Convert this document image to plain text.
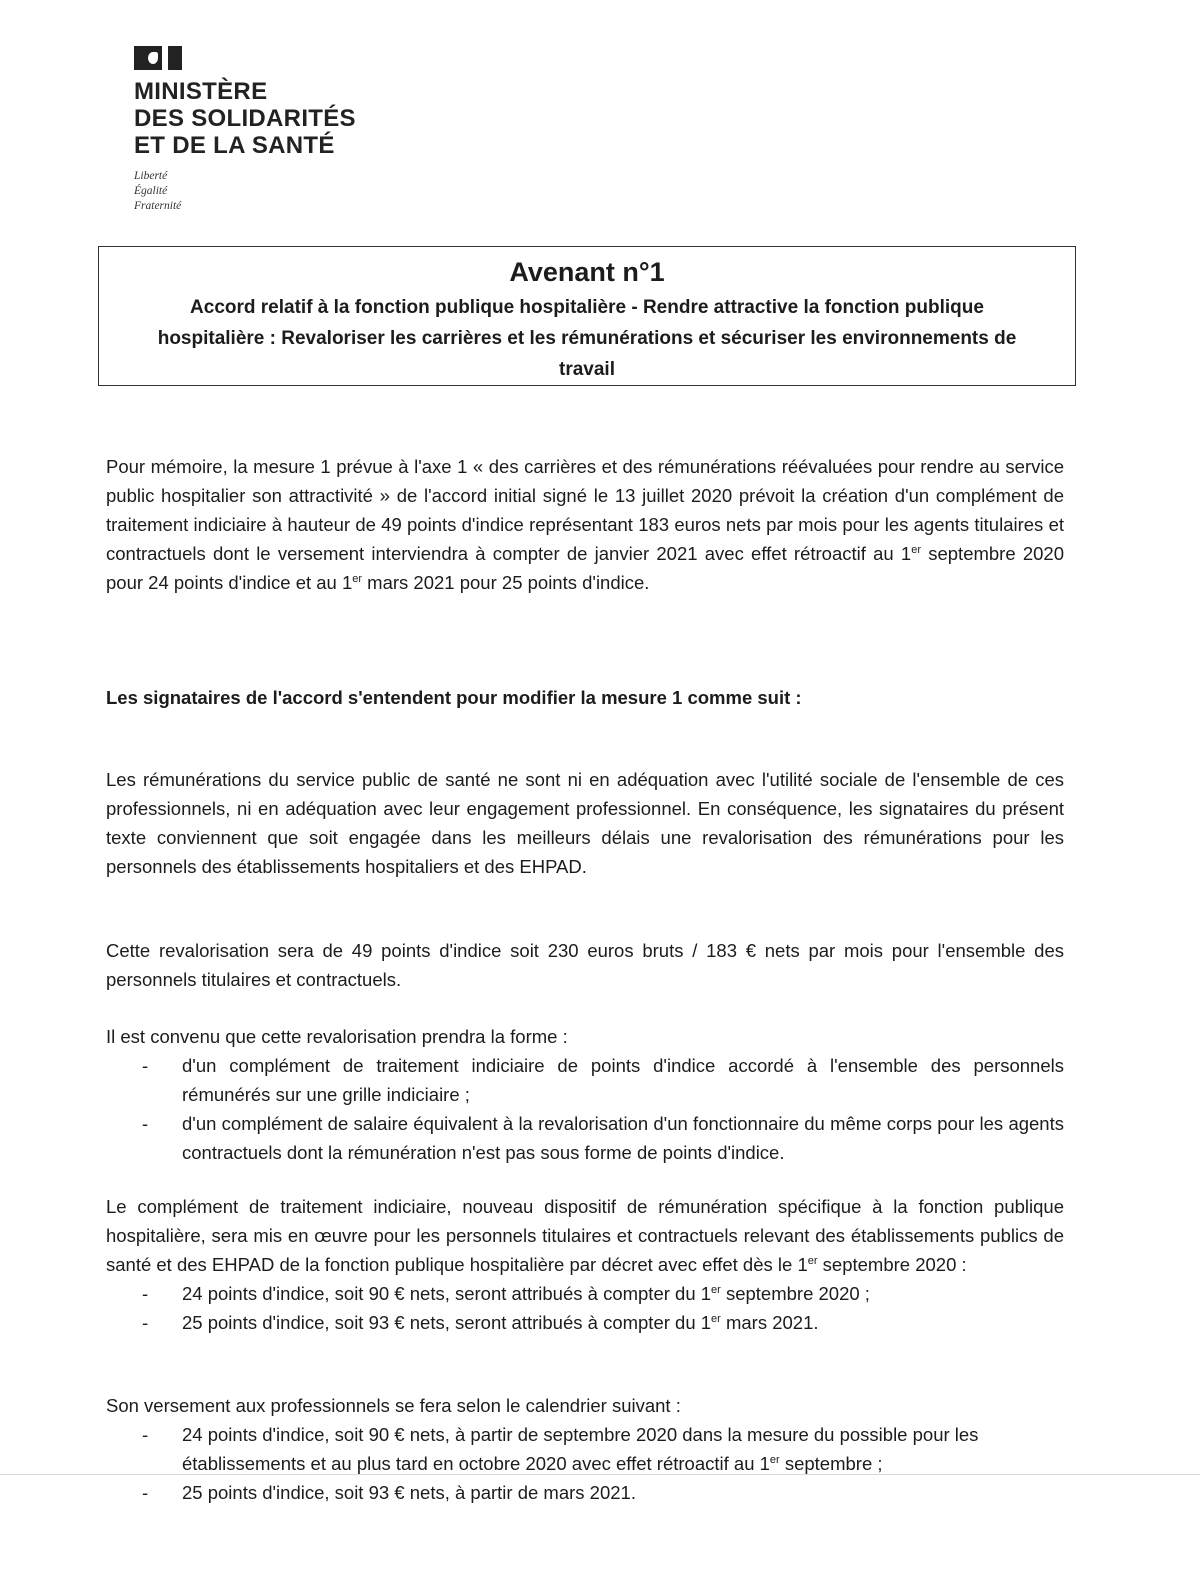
MINISTÈRE
DES SOLIDARITÉS
ET DE LA SANTÉ
Liberté
Égalité
Fraternité
Avenant n°1

Accord relatif à la fonction publique hospitalière - Rendre attractive la fonction publique hospitalière : Revaloriser les carrières et les rémunérations et sécuriser les environnements de travail

Pour mémoire, la mesure 1 prévue à l'axe 1 « des carrières et des rémunérations réévaluées pour rendre au service public hospitalier son attractivité » de l'accord initial signé le 13 juillet 2020 prévoit la création d'un complément de traitement indiciaire à hauteur de 49 points d'indice représentant 183 euros nets par mois pour les agents titulaires et contractuels dont le versement interviendra à compter de janvier 2021 avec effet rétroactif au 1er septembre 2020 pour 24 points d'indice et au 1er mars 2021 pour 25 points d'indice.

Les signataires de l'accord s'entendent pour modifier la mesure 1 comme suit :
Les rémunérations du service public de santé ne sont ni en adéquation avec l'utilité sociale de l'ensemble de ces professionnels, ni en adéquation avec leur engagement professionnel. En conséquence, les signataires du présent texte conviennent que soit engagée dans les meilleurs délais une revalorisation des rémunérations pour les personnels des établissements hospitaliers et des EHPAD.
Cette revalorisation sera de 49 points d'indice soit 230 euros bruts / 183 € nets par mois pour l'ensemble des personnels titulaires et contractuels.

Il est convenu que cette revalorisation prendra la forme :

- d'un complément de traitement indiciaire de points d'indice accordé à l'ensemble des personnels rémunérés sur une grille indiciaire ;
- d'un complément de salaire équivalent à la revalorisation d'un fonctionnaire du même corps pour les agents contractuels dont la rémunération n'est pas sous forme de points d'indice.

Le complément de traitement indiciaire, nouveau dispositif de rémunération spécifique à la fonction publique hospitalière, sera mis en œuvre pour les personnels titulaires et contractuels relevant des établissements publics de santé et des EHPAD de la fonction publique hospitalière par décret avec effet dès le 1er septembre 2020 :

- 24 points d'indice, soit 90 € nets, seront attribués à compter du 1er septembre 2020 ;
- 25 points d'indice, soit 93 € nets, seront attribués à compter du 1er mars 2021.

Son versement aux professionnels se fera selon le calendrier suivant :

- 24 points d'indice, soit 90 € nets, à partir de septembre 2020 dans la mesure du possible pour les établissements et au plus tard en octobre 2020 avec effet rétroactif au 1er septembre ;
- 25 points d'indice, soit 93 € nets, à partir de mars 2021.
